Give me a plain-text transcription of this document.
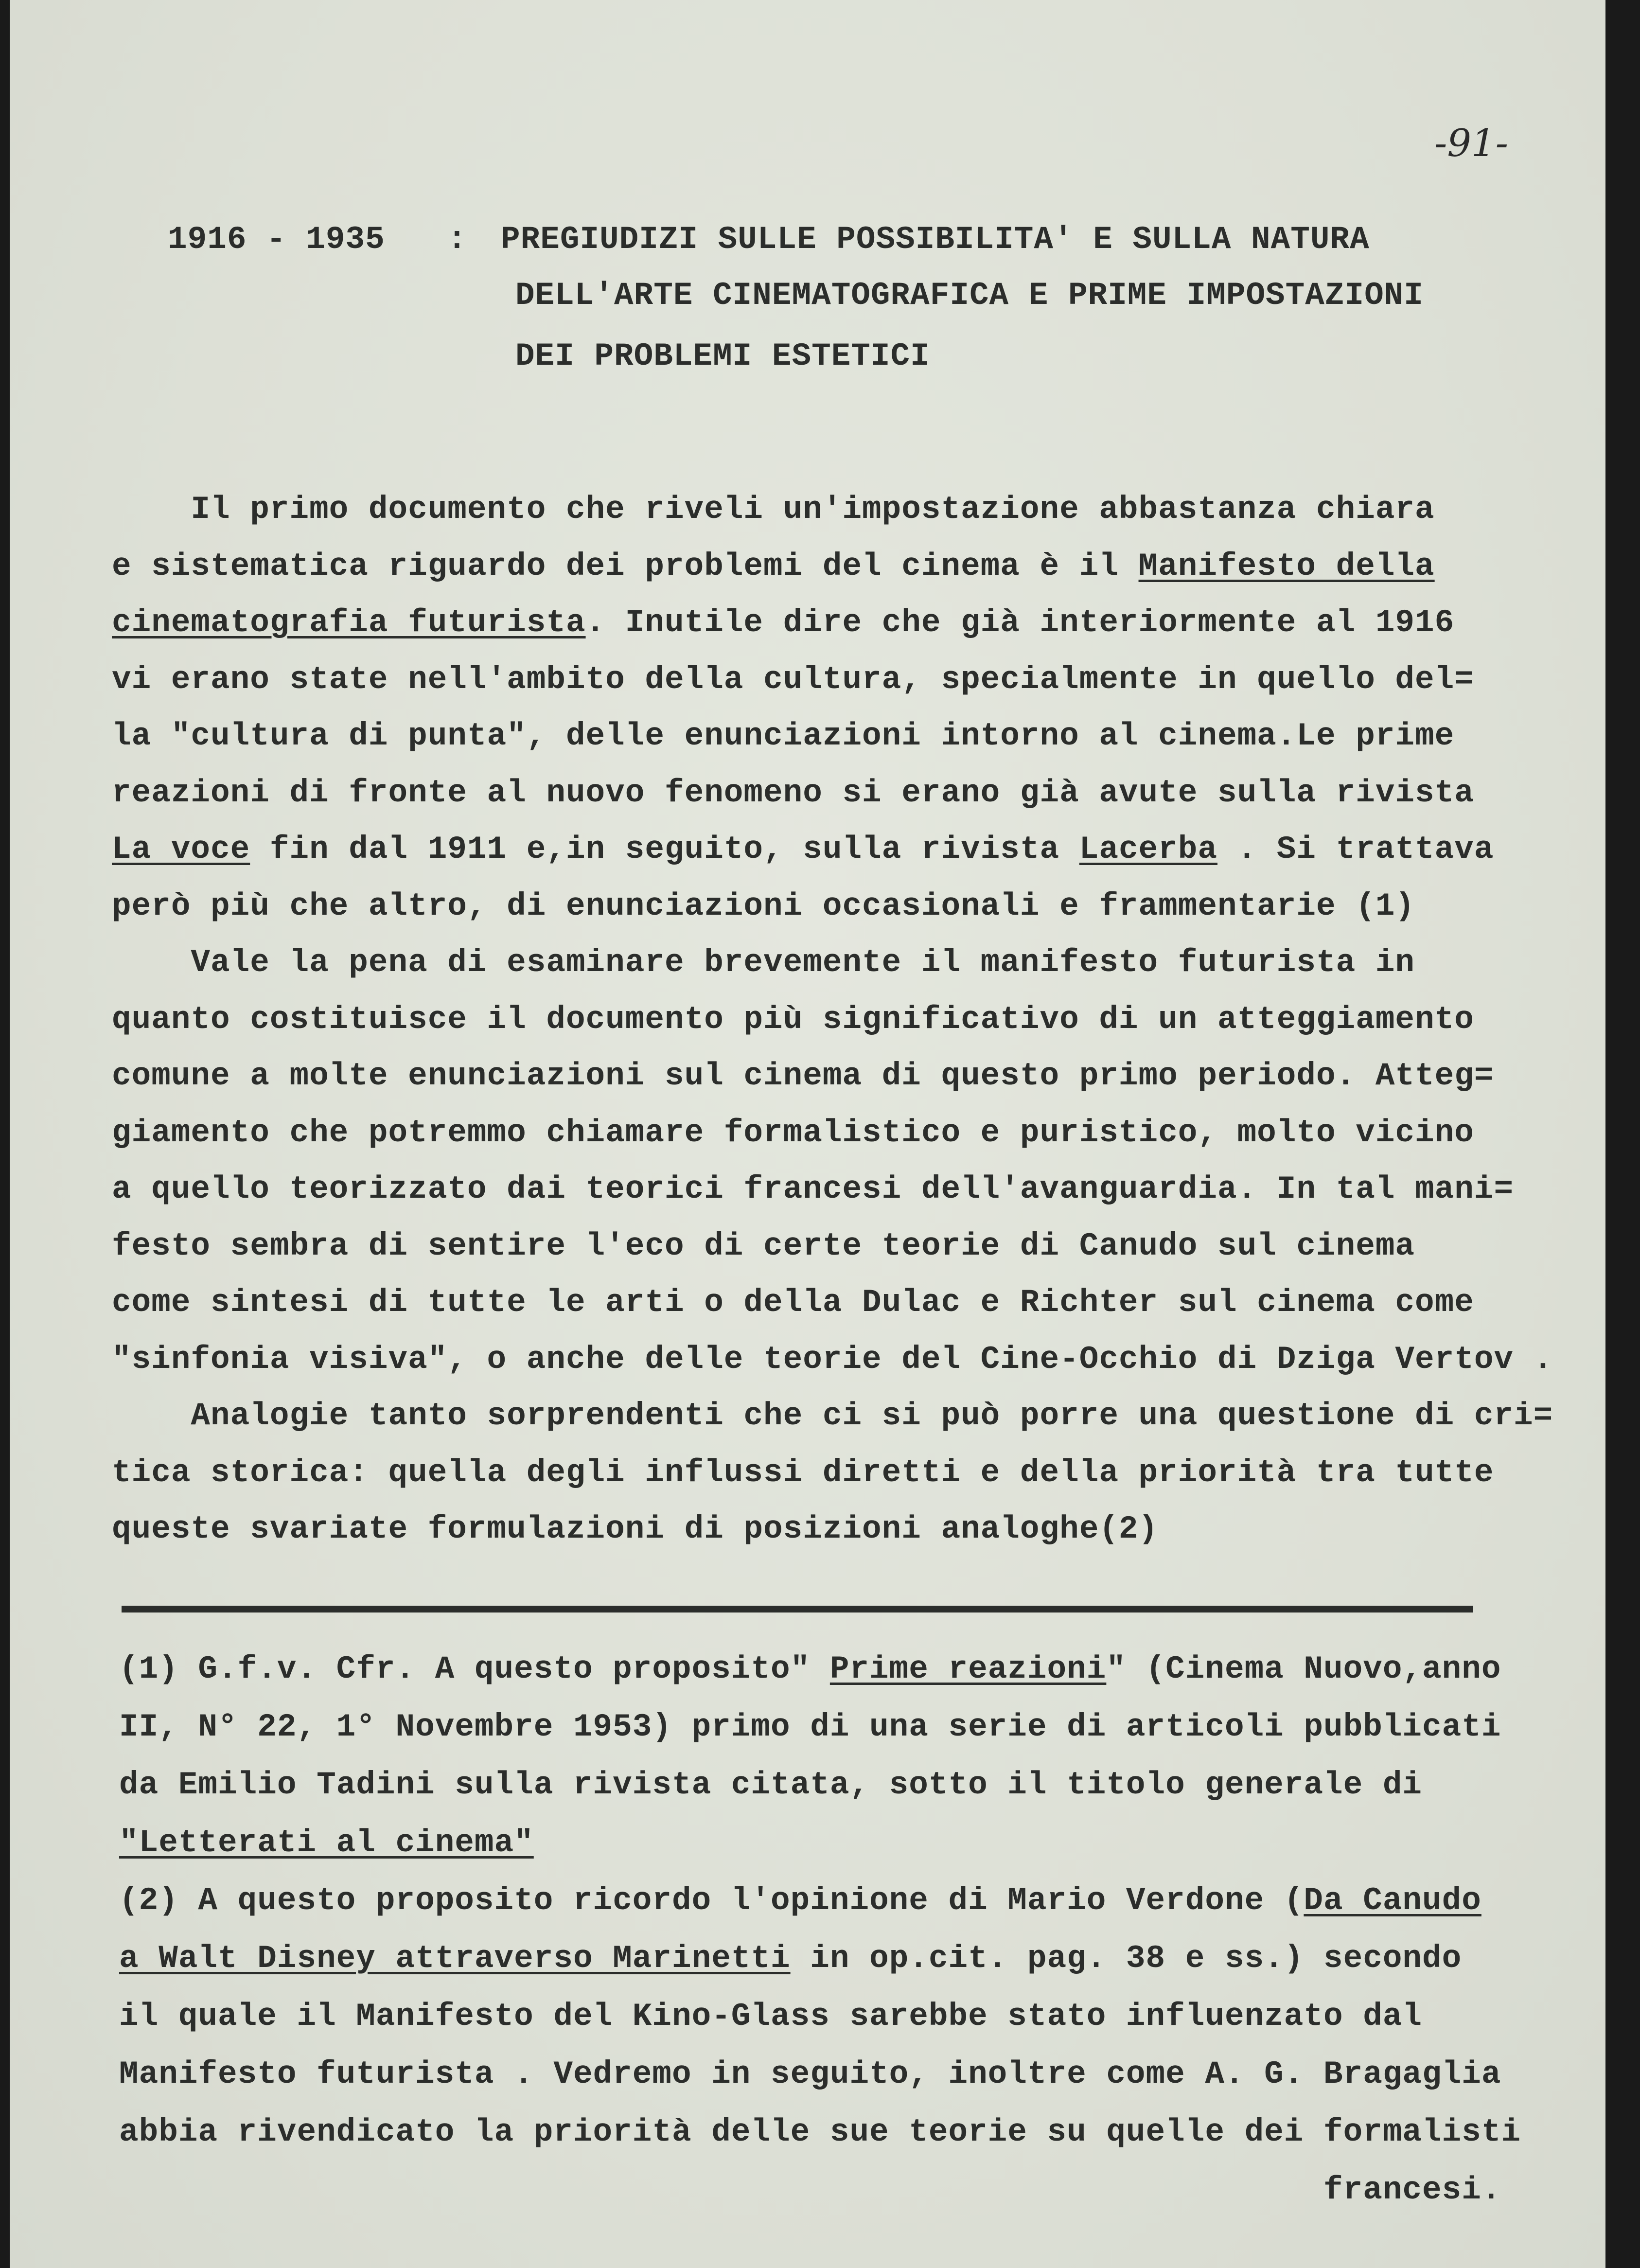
-91-
1916 - 1935 : PREGIUDIZI SULLE POSSIBILITA' E SULLA NATURA
DELL'ARTE CINEMATOGRAFICA E PRIME IMPOSTAZIONI
DEI PROBLEMI ESTETICI
Il primo documento che riveli un'impostazione abbastanza chiara
e sistematica riguardo dei problemi del cinema è il Manifesto della
cinematografia futurista. Inutile dire che già interiormente al 1916
vi erano state nell'ambito della cultura, specialmente in quello del=
la "cultura di punta", delle enunciazioni intorno al cinema.Le prime
reazioni di fronte al nuovo fenomeno si erano già avute sulla rivista
La voce fin dal 1911 e,in seguito, sulla rivista Lacerba . Si trattava
però più che altro, di enunciazioni occasionali e frammentarie (1)
Vale la pena di esaminare brevemente il manifesto futurista in
quanto costituisce il documento più significativo di un atteggiamento
comune a molte enunciazioni sul cinema di questo primo periodo. Atteg=
giamento che potremmo chiamare formalistico e puristico, molto vicino
a quello teorizzato dai teorici francesi dell'avanguardia. In tal mani=
festo sembra di sentire l'eco di certe teorie di Canudo sul cinema
come sintesi di tutte le arti o della Dulac e Richter sul cinema come
"sinfonia visiva", o anche delle teorie del Cine-Occhio di Dziga Vertov .
Analogie tanto sorprendenti che ci si può porre una questione di cri=
tica storica: quella degli influssi diretti e della priorità tra tutte
queste svariate formulazioni di posizioni analoghe(2)
(1) G.f.v. Cfr. A questo proposito" Prime reazioni" (Cinema Nuovo,anno
II, N° 22, 1° Novembre 1953) primo di una serie di articoli pubblicati
da Emilio Tadini sulla rivista citata, sotto il titolo generale di
"Letterati al cinema"
(2) A questo proposito ricordo l'opinione di Mario Verdone (Da Canudo
a Walt Disney attraverso Marinetti in op.cit. pag. 38 e ss.) secondo
il quale il Manifesto del Kino-Glass sarebbe stato influenzato dal
Manifesto futurista . Vedremo in seguito, inoltre come A. G. Bragaglia
abbia rivendicato la priorità delle sue teorie su quelle dei formalisti
francesi.
